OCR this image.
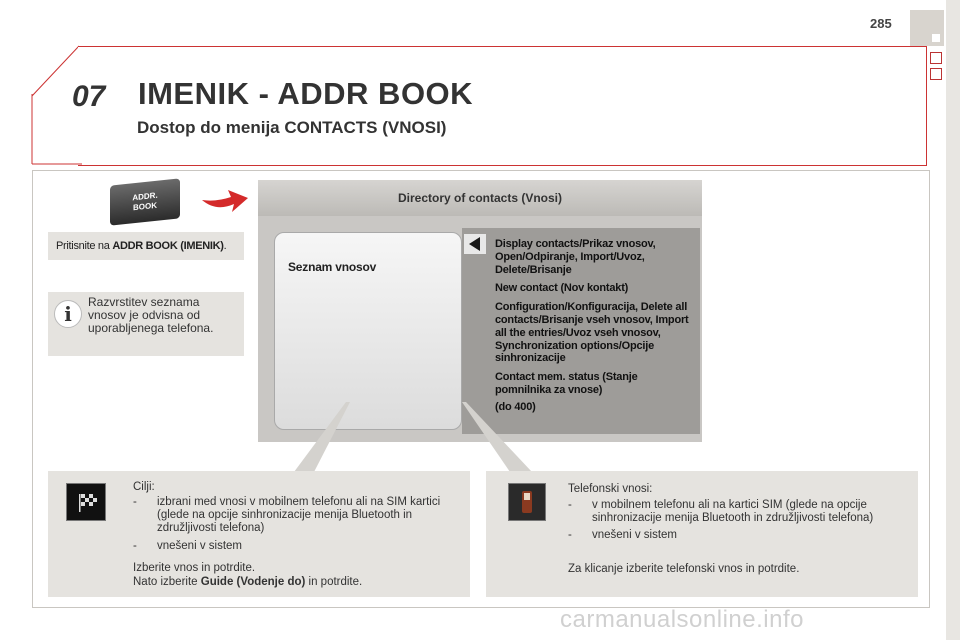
285
07 IMENIK - ADDR BOOK
Dostop do menija CONTACTS (VNOSI)
ADDR.
BOOK
Pritisnite na ADDR BOOK (IMENIK).
i	Razvrstitev seznama vnosov je odvisna od uporabljenega telefona.
Directory of contacts (Vnosi)
Seznam vnosov
Display contacts/Prikaz vnosov, Open/Odpiranje, Import/Uvoz, Delete/Brisanje
New contact (Nov kontakt)
Configuration/Konfiguracija, Delete all contacts/Brisanje vseh vnosov, Import all the entries/Uvoz vseh vnosov, Synchronization options/Opcije sinhronizacije
Contact mem. status (Stanje pomnilnika za vnose)
(do 400)
Cilji:
- izbrani med vnosi v mobilnem telefonu ali na SIM kartici (glede na opcije sinhronizacije menija Bluetooth in združljivosti telefona)
- vnešeni v sistem
Izberite vnos in potrdite.
Nato izberite Guide (Vodenje do) in potrdite.
Telefonski vnosi:
- v mobilnem telefonu ali na kartici SIM (glede na opcije sinhronizacije menija Bluetooth in združljivosti telefona)
- vnešeni v sistem
Za klicanje izberite telefonski vnos in potrdite.
carmanualsonline.info
